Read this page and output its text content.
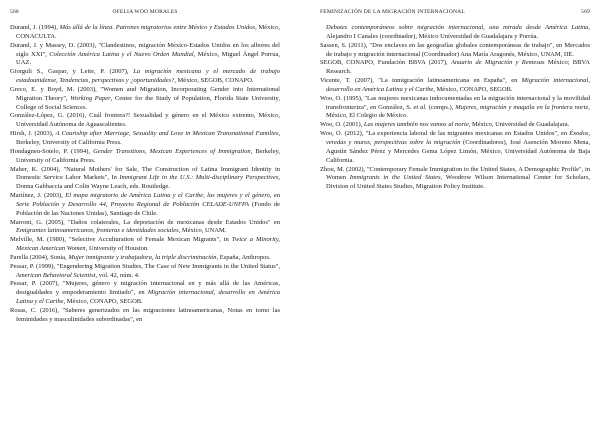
568	OFELIA WOO MORALES
Durand, J. (1994), Más allá de la línea. Patrones migratorios entre México y Estados Unidos, México, CONACULTA.
Durand, J. y Massey, D. (2003), "Clandestinos, migración México-Estados Unidos en los albores del siglo XXI", Colección América Latina y el Nuevo Orden Mundial, México, Miguel Ángel Porrua, UAZ.
Giorguli S., Gaspar, y Leite, P. (2007), La migración mexicana y el mercado de trabajo estadounidense, Tendencias, perspectivas y ¿oportunidades?, México, SEGOB, CONAPO.
Greco, E. y Boyd, M. (2003), "Women and Migration, Incorporating Gender into International Migration Theory", Working Paper, Center for the Study of Population, Florida State University, College of Social Sciences.
González-López, G. (2016), Cuál frontera?! Sexualidad y género en el México extremo, México, Universidad Autónoma de Aguascalientes.
Hirsh, J. (2003), A Courtship after Marriage, Sexuality and Love in Mexican Transnational Families, Berkeley, University of California Press.
Hondagneu-Sotelo, P. (1994), Gender Transitions, Mexican Experiences of Immigration, Berkeley, University of California Press.
Maher, K. (2004), "Natural Mothers' for Sale, The Construction of Latina Immigrant Identity in Domestic Service Labor Markets", In Immigrant Life in the U.S.: Multi-disciplinary Perspectives, Donna Gabbaccia and Colin Wayne Leach, eds. Routledge.
Martínez, J. (2003), El mapa migratorio de América Latina y el Caribe, las mujeres y el género, en Serie Población y Desarrollo 44, Proyecto Regional de Población CELADE-UNFPA (Fondo de Población de las Naciones Unidas), Santiago de Chile.
Marroni, G. (2005), "Daños colaterales, La deportación de mexicanas desde Estados Unidos" en Emigrantes latinoamericanos, fronteras e identidades sociales, México, UNAM.
Melville, M. (1980), "Selective Acculturation of Female Mexican Migrants", in Twice a Minority, Mexican American Women, University of Houston.
Parella (2004), Sonia, Mujer inmigrante y trabajadora, la triple discriminación, España, Anthropos.
Pessar, P. (1999), "Engendering Migration Studies, The Case of New Immigrants in the United Status", American Behavioral Scientist, vol. 42, núm. 4.
Pessar, P. (2007), "Mujeres, género y migración internacional en y más allá de las Américas, desigualdades y empoderamiento limitado", en Migración internacional, desarrollo en América Latina y el Caribe, México, CONAPO, SEGOB.
Rosas, C. (2016), "Saberes generizados en las migraciones latinoamericanas, Notas en torno las feminidades y masculinidades subordinadas", en
FEMINIZACIÓN DE LA MIGRACIÓN INTERNACIONAL	569
Debates contemporáneos sobre migración internacional, una mirada desde América Latina, Alejandro I Canales (coordinador), México Universidad de Guadalajara y Porrúa.
Sassen, S. (2011), "Dos enclaves en las geografías globales contemporáneas de trabajo", en Mercados de trabajo y migración internacional (Coordinador) Ana María Aragonés, México, UNAM, IIE.
SEGOB, CONAPO, Fundación BBVA (2017), Anuario de Migración y Remesas México; BBVA Research.
Vicente, T. (2007), "La inmigración latinoamericana en España", en Migración internacional, desarrollo en América Latina y el Caribe, México, CONAPO, SEGOB.
Woo, O. (1995), "Las mujeres mexicanas indocumentadas en la migración internacional y la movilidad transfronteriza", en González, S. et al. (comps.), Mujeres, migración y maquila en la frontera norte, México, El Colegio de México.
Woo, O. (2001), Las mujeres también nos vamos al norte, México, Universidad de Guadalajara.
Woo, O. (2012), "La experiencia laboral de las migrantes mexicanas en Estados Unidos", en Éxodos, veredas y muros, perspectivas sobre la migración (Coordinadores), José Asención Moreno Mena, Agustín Sández Pérez y Mercedes Gema López Limón, México, Universidad Autónoma de Baja California.
Zhou, M. (2002), "Contemporary Female Immigration to the United States, A Demographic Profile", in Women Immigrants in the United States, Woodrow Wilson International Center for Scholars, Division of United States Studies, Migration Policy Institute.
